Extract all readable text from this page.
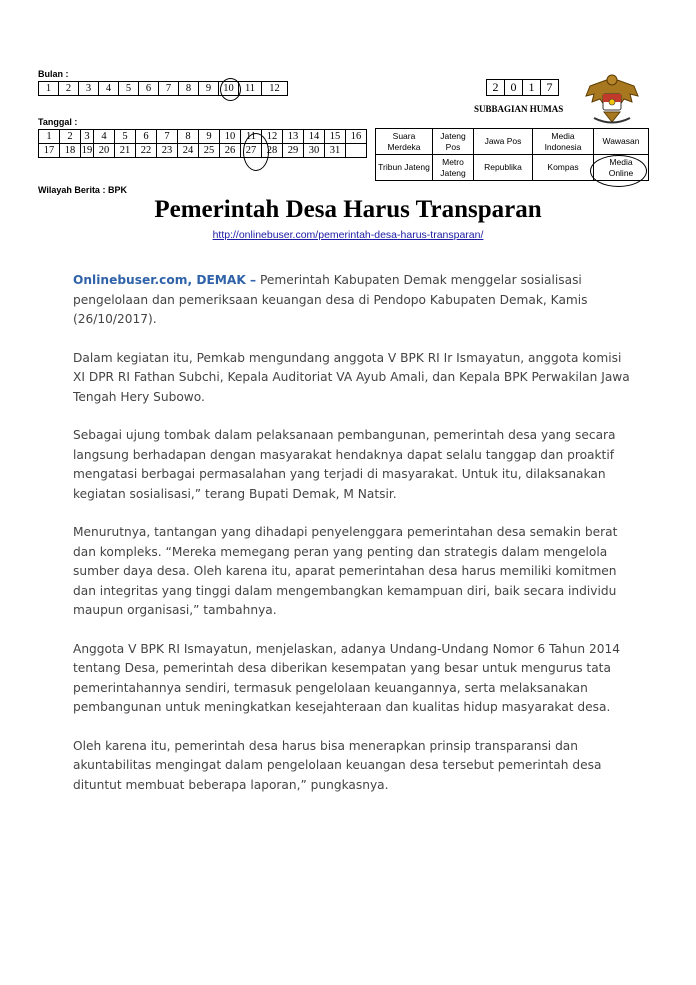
Bulan :
1	2	3	4	5	6	7	8	9	10	11	12
Tanggal :
1	2	3	4	5	6	7	8	9	10	11	12	13	14	15	16
17	18	19	20	21	22	23	24	25	26	27	28	29	30	31	
2	0	1	7
SUBBAGIAN HUMAS
Suara Merdeka	Jateng Pos	Jawa Pos	Media Indonesia	Wawasan
Tribun Jateng	Metro Jateng	Republika	Kompas	Media Online
Wilayah Berita : BPK
Pemerintah Desa Harus Transparan
http://onlinebuser.com/pemerintah-desa-harus-transparan/

Onlinebuser.com, DEMAK – Pemerintah Kabupaten Demak menggelar sosialisasi pengelolaan dan pemeriksaan keuangan desa di Pendopo Kabupaten Demak, Kamis (26/10/2017).

Dalam kegiatan itu, Pemkab mengundang anggota V BPK RI Ir Ismayatun, anggota komisi XI DPR RI Fathan Subchi, Kepala Auditoriat VA Ayub Amali, dan Kepala BPK Perwakilan Jawa Tengah Hery Subowo.

Sebagai ujung tombak dalam pelaksanaan pembangunan, pemerintah desa yang secara langsung berhadapan dengan masyarakat hendaknya dapat selalu tanggap dan proaktif mengatasi berbagai permasalahan yang terjadi di masyarakat. Untuk itu, dilaksanakan kegiatan sosialisasi,” terang Bupati Demak, M Natsir.

Menurutnya, tantangan yang dihadapi penyelenggara pemerintahan desa semakin berat dan kompleks. “Mereka memegang peran yang penting dan strategis dalam mengelola sumber daya desa. Oleh karena itu, aparat pemerintahan desa harus memiliki komitmen dan integritas yang tinggi dalam mengembangkan kemampuan diri, baik secara individu maupun organisasi,” tambahnya.

Anggota V BPK RI Ismayatun, menjelaskan, adanya Undang-Undang Nomor 6 Tahun 2014 tentang Desa, pemerintah desa diberikan kesempatan yang besar untuk mengurus tata pemerintahannya sendiri, termasuk pengelolaan keuangannya, serta melaksanakan pembangunan untuk meningkatkan kesejahteraan dan kualitas hidup masyarakat desa.

Oleh karena itu, pemerintah desa harus bisa menerapkan prinsip transparansi dan akuntabilitas mengingat dalam pengelolaan keuangan desa tersebut pemerintah desa dituntut membuat beberapa laporan,” pungkasnya.
